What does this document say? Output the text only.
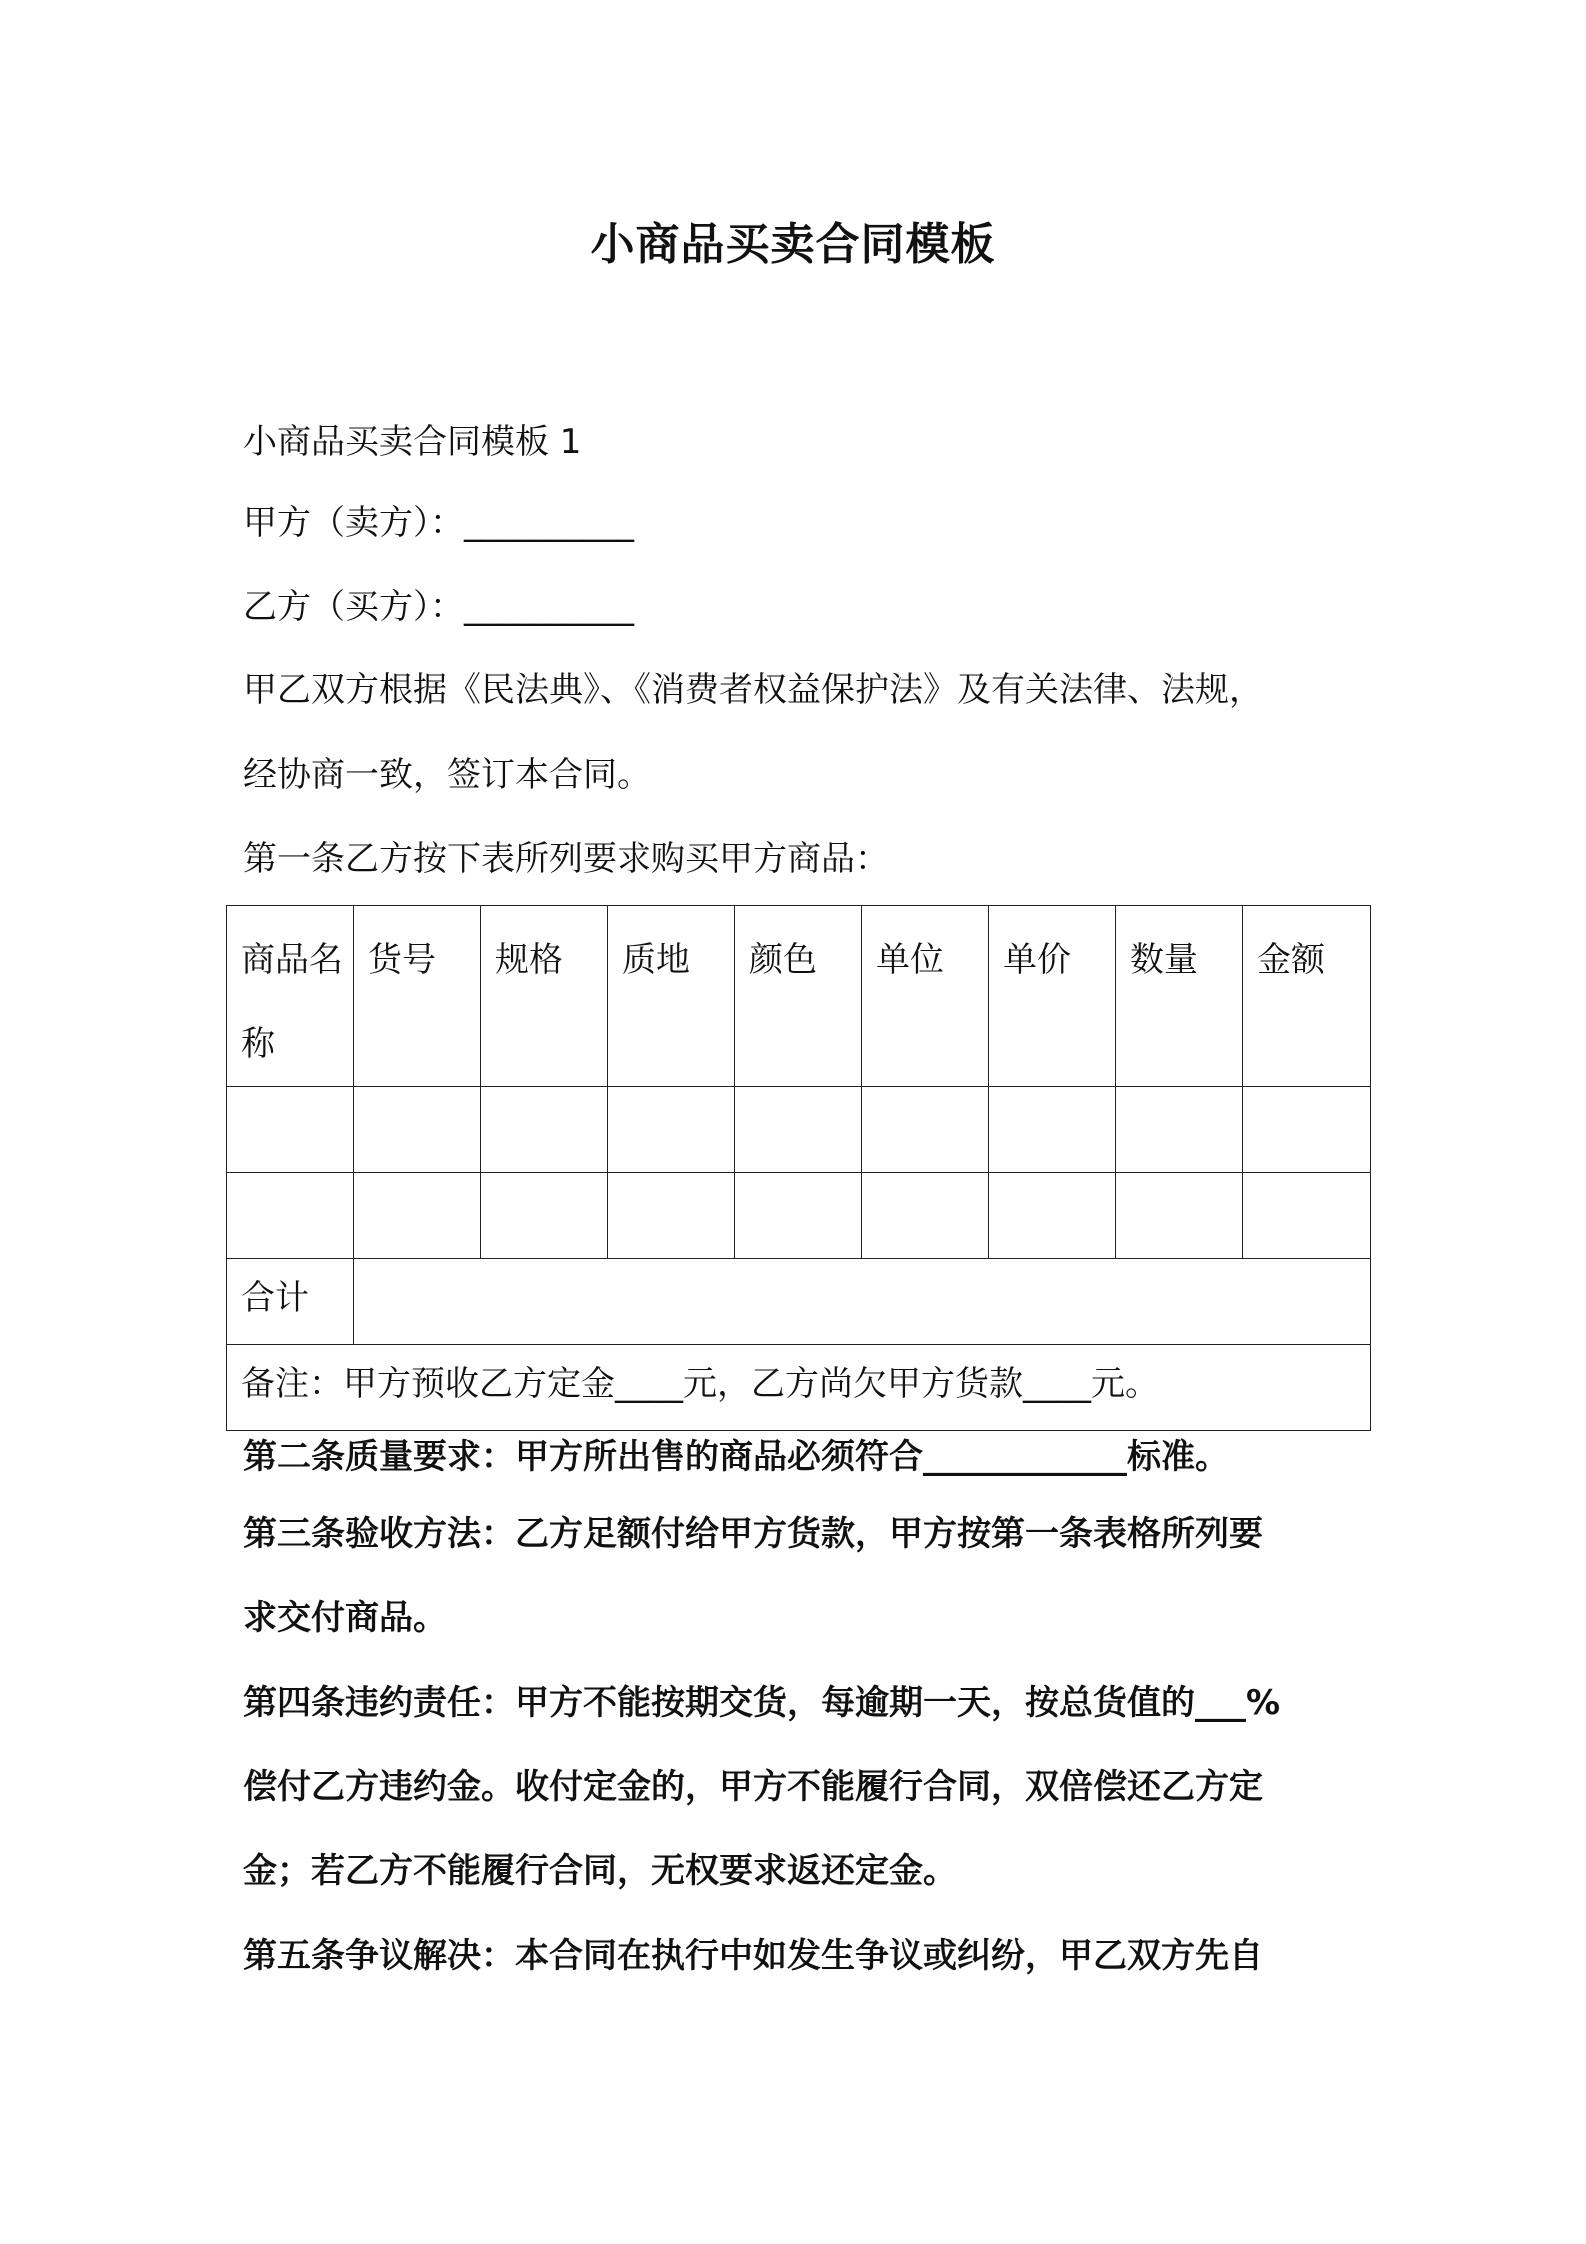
小商品买卖合同模板
小商品买卖合同模板 1
甲方（卖方）：__________
乙方（买方）：__________
甲乙双方根据《民法典》、《消费者权益保护法》及有关法律、法规，
经协商一致，签订本合同。
第一条乙方按下表所列要求购买甲方商品：
商品名称	货号	规格	质地	颜色	单位	单价	数量	金额

合计								
备注：甲方预收乙方定金____元，乙方尚欠甲方货款____元。								
第二条质量要求：甲方所出售的商品必须符合____________标准。
第三条验收方法：乙方足额付给甲方货款，甲方按第一条表格所列要
求交付商品。
第四条违约责任：甲方不能按期交货，每逾期一天，按总货值的___%
偿付乙方违约金。收付定金的，甲方不能履行合同，双倍偿还乙方定
金；若乙方不能履行合同，无权要求返还定金。
第五条争议解决：本合同在执行中如发生争议或纠纷，甲乙双方先自
